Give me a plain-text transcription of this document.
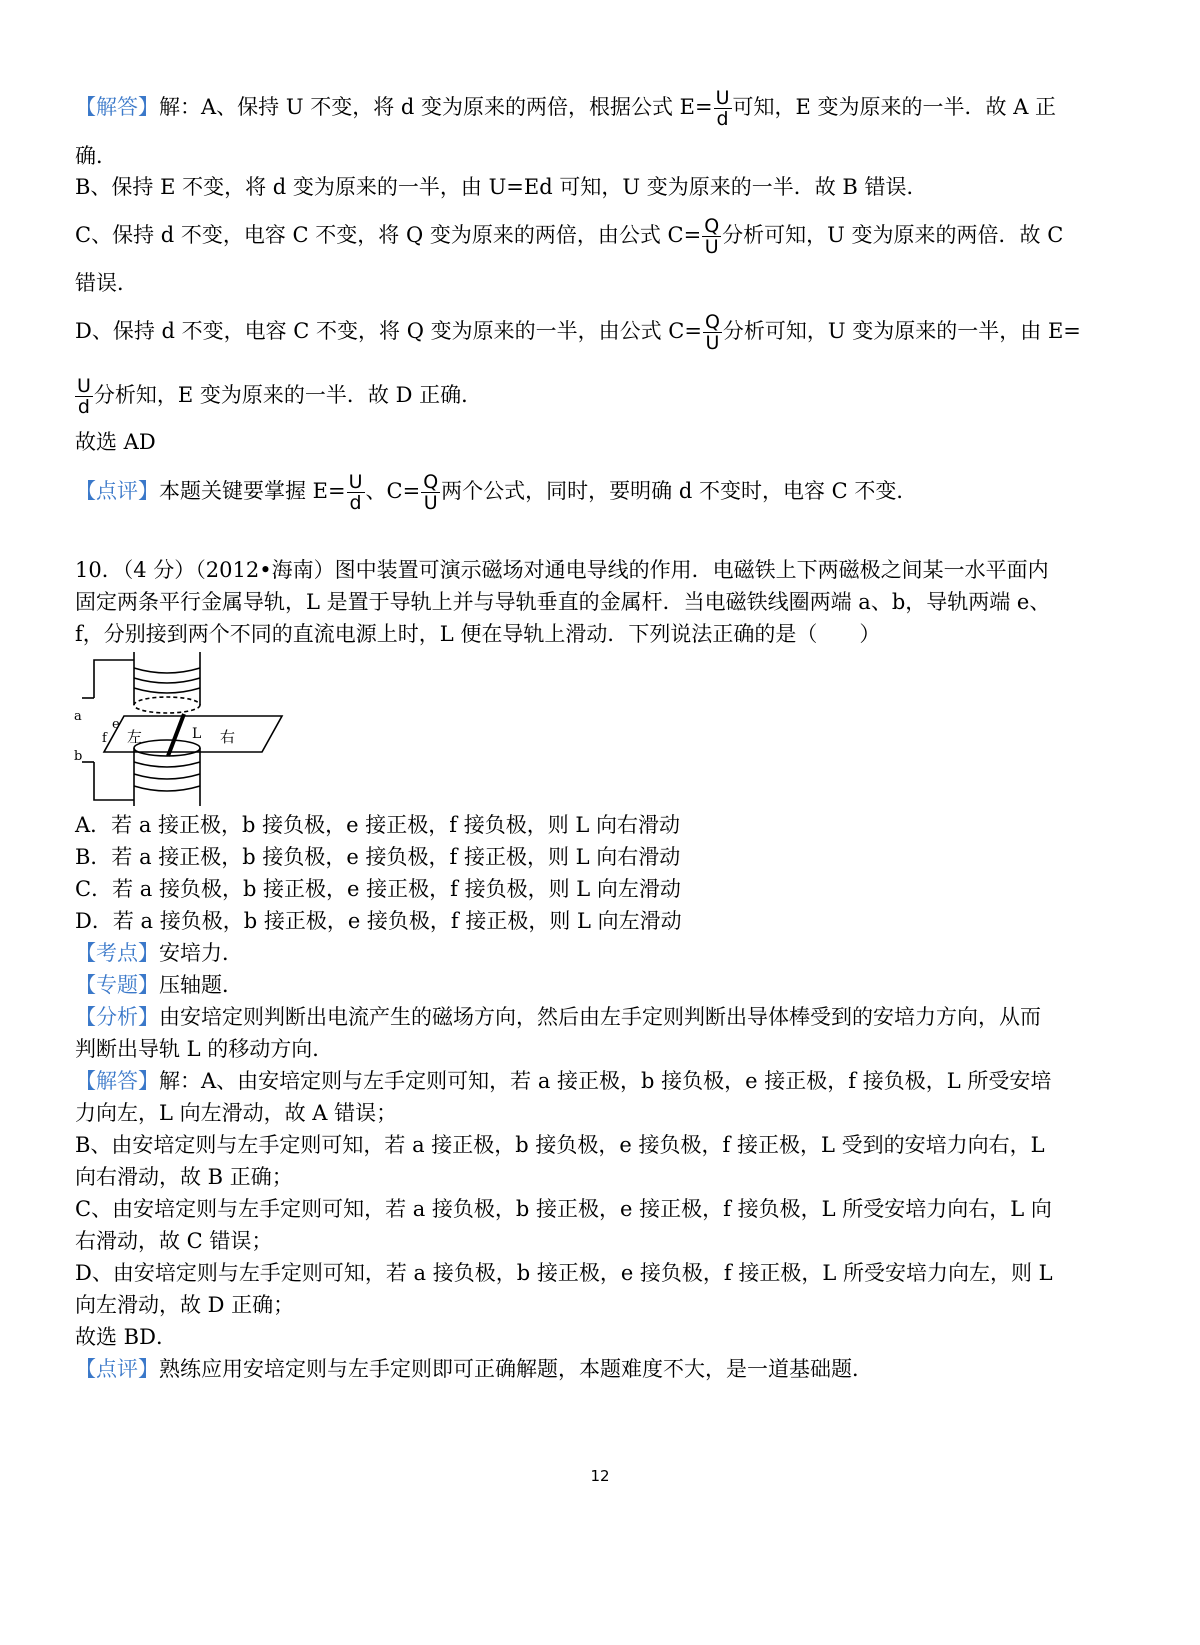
【解答】解：A、保持 U 不变，将 d 变为原来的两倍，根据公式 $E= \frac{U}{d}$ 可知，E 变为原来的一半．故 A 正
确．
B、保持 E 不变，将 d 变为原来的一半，由 U=Ed 可知，U 变为原来的一半．故 B 错误．
C、保持 d 不变，电容 C 不变，将 Q 变为原来的两倍，由公式 $C= \frac{Q}{U}$ 分析可知，U 变为原来的两倍．故 C
错误．
D、保持 d 不变，电容 C 不变，将 Q 变为原来的一半，由公式 $C= \frac{Q}{U}$ 分析可知，U 变为原来的一半，由 E=
$\frac{U}{d}$ 分析知，E 变为原来的一半．故 D 正确．
故选 AD
【点评】本题关键要掌握 $E= \frac{U}{d}$ 、$C= \frac{Q}{U}$ 两个公式，同时，要明确 d 不变时，电容 C 不变．
10．（4 分）（2012•海南）图中装置可演示磁场对通电导线的作用．电磁铁上下两磁极之间某一水平面内
固定两条平行金属导轨，L 是置于导轨上并与导轨垂直的金属杆．当电磁铁线圈两端 a、b，导轨两端 e、
f，分别接到两个不同的直流电源上时，L 便在导轨上滑动．下列说法正确的是（　　）
a
b
e
f 左	L 右
A．若 a 接正极，b 接负极，e 接正极，f 接负极，则 L 向右滑动
B．若 a 接正极，b 接负极，e 接负极，f 接正极，则 L 向右滑动
C．若 a 接负极，b 接正极，e 接正极，f 接负极，则 L 向左滑动
D．若 a 接负极，b 接正极，e 接负极，f 接正极，则 L 向左滑动
【考点】安培力．
【专题】压轴题．
【分析】由安培定则判断出电流产生的磁场方向，然后由左手定则判断出导体棒受到的安培力方向，从而
判断出导轨 L 的移动方向．
【解答】解：A、由安培定则与左手定则可知，若 a 接正极，b 接负极，e 接正极，f 接负极，L 所受安培
力向左，L 向左滑动，故 A 错误；
B、由安培定则与左手定则可知，若 a 接正极，b 接负极，e 接负极，f 接正极，L 受到的安培力向右，L
向右滑动，故 B 正确；
C、由安培定则与左手定则可知，若 a 接负极，b 接正极，e 接正极，f 接负极，L 所受安培力向右，L 向
右滑动，故 C 错误；
D、由安培定则与左手定则可知，若 a 接负极，b 接正极，e 接负极，f 接正极，L 所受安培力向左，则 L
向左滑动，故 D 正确；
故选 BD．
【点评】熟练应用安培定则与左手定则即可正确解题，本题难度不大，是一道基础题．
12
